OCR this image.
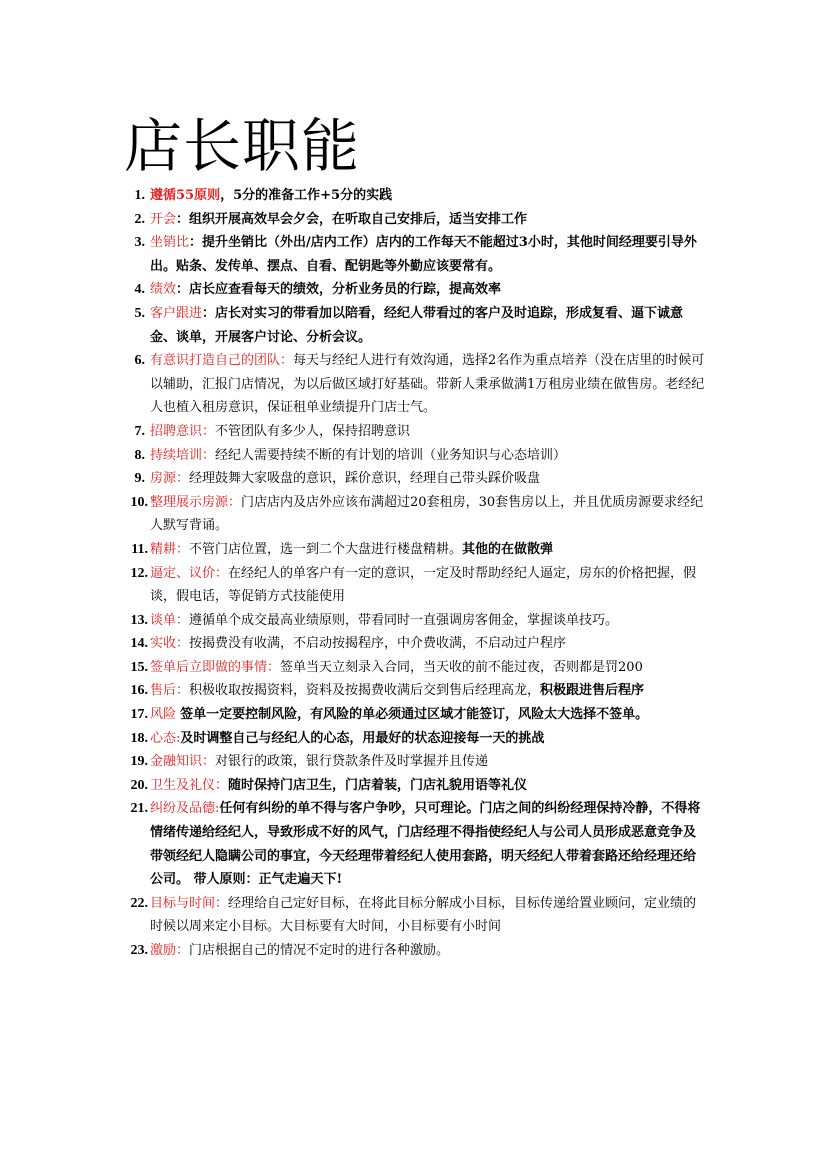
店长职能
1. 遵循55原则，5分的准备工作+5分的实践
2. 开会：组织开展高效早会夕会，在听取自己安排后，适当安排工作
3. 坐销比：提升坐销比（外出/店内工作）店内的工作每天不能超过3小时，其他时间经理要引导外出。贴条、发传单、摆点、自看、配钥匙等外勤应该要常有。
4. 绩效：店长应查看每天的绩效，分析业务员的行踪，提高效率
5. 客户跟进：店长对实习的带看加以陪看，经纪人带看过的客户及时追踪，形成复看、逼下诚意金、谈单，开展客户讨论、分析会议。
6. 有意识打造自己的团队：每天与经纪人进行有效沟通，选择2名作为重点培养（没在店里的时候可以辅助，汇报门店情况，为以后做区域打好基础。带新人秉承做满1万租房业绩在做售房。老经纪人也植入租房意识，保证租单业绩提升门店士气。
7. 招聘意识：不管团队有多少人，保持招聘意识
8. 持续培训：经纪人需要持续不断的有计划的培训（业务知识与心态培训）
9. 房源：经理鼓舞大家吸盘的意识，踩价意识，经理自己带头踩价吸盘
10. 整理展示房源：门店店内及店外应该布满超过20套租房，30套售房以上，并且优质房源要求经纪人默写背诵。
11. 精耕：不管门店位置，选一到二个大盘进行楼盘精耕。其他的在做散弹
12. 逼定、议价：在经纪人的单客户有一定的意识，一定及时帮助经纪人逼定，房东的价格把握，假谈，假电话，等促销方式技能使用
13. 谈单：遵循单个成交最高业绩原则，带看同时一直强调房客佣金，掌握谈单技巧。
14. 实收：按揭费没有收满，不启动按揭程序，中介费收满，不启动过户程序
15. 签单后立即做的事情：签单当天立刻录入合同，当天收的前不能过夜，否则都是罚200
16. 售后：积极收取按揭资料，资料及按揭费收满后交到售后经理高龙，积极跟进售后程序
17. 风险 签单一定要控制风险，有风险的单必须通过区域才能签订，风险太大选择不签单。
18. 心态:及时调整自己与经纪人的心态，用最好的状态迎接每一天的挑战
19. 金融知识：对银行的政策，银行贷款条件及时掌握并且传递
20. 卫生及礼仪：随时保持门店卫生，门店着装，门店礼貌用语等礼仪
21. 纠纷及品德:任何有纠纷的单不得与客户争吵，只可理论。门店之间的纠纷经理保持冷静，不得将情绪传递给经纪人，导致形成不好的风气，门店经理不得指使经纪人与公司人员形成恶意竞争及带领经纪人隐瞒公司的事宜，今天经理带着经纪人使用套路，明天经纪人带着套路还给经理还给公司。 带人原则：正气走遍天下!
22. 目标与时间：经理给自己定好目标，在将此目标分解成小目标，目标传递给置业顾问，定业绩的时候以周来定小目标。大目标要有大时间，小目标要有小时间
23. 激励：门店根据自己的情况不定时的进行各种激励。
